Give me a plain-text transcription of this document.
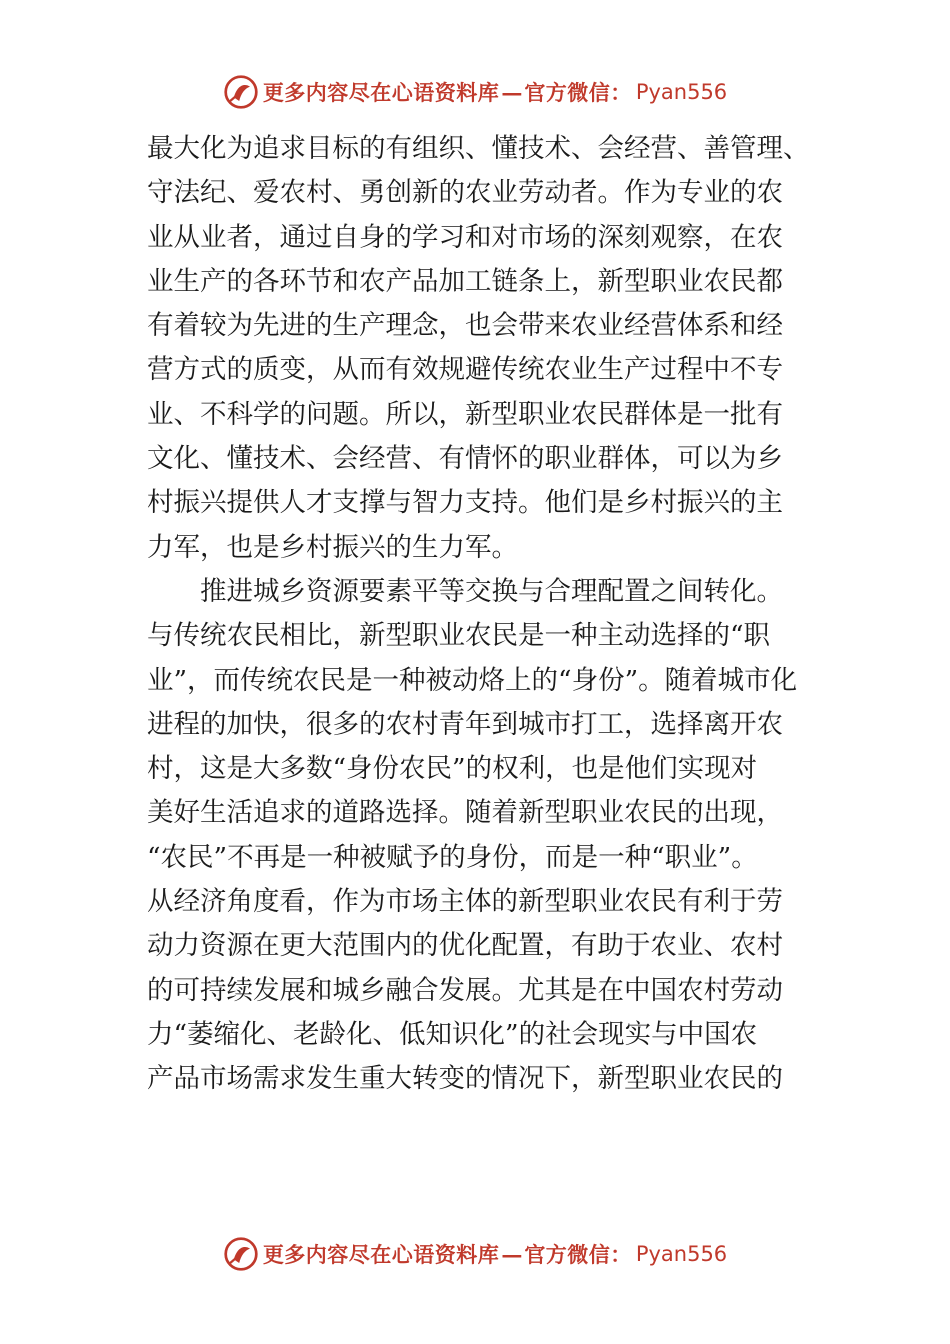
更多内容尽在心语资料库 — 官方微信： Pyan556
最大化为追求目标的有组织、懂技术、会经营、善管理、
守法纪、爱农村、勇创新的农业劳动者。作为专业的农
业从业者，通过自身的学习和对市场的深刻观察，在农
业生产的各环节和农产品加工链条上，新型职业农民都
有着较为先进的生产理念，也会带来农业经营体系和经
营方式的质变，从而有效规避传统农业生产过程中不专
业、不科学的问题。所以，新型职业农民群体是一批有
文化、懂技术、会经营、有情怀的职业群体，可以为乡
村振兴提供人才支撑与智力支持。他们是乡村振兴的主
力军，也是乡村振兴的生力军。
推进城乡资源要素平等交换与合理配置之间转化。
与传统农民相比，新型职业农民是一种主动选择的“职
业”，而传统农民是一种被动烙上的“身份”。随着城市化
进程的加快，很多的农村青年到城市打工，选择离开农
村，这是大多数“身份农民”的权利，也是他们实现对
美好生活追求的道路选择。随着新型职业农民的出现，
“农民”不再是一种被赋予的身份，而是一种“职业”。
从经济角度看，作为市场主体的新型职业农民有利于劳
动力资源在更大范围内的优化配置，有助于农业、农村
的可持续发展和城乡融合发展。尤其是在中国农村劳动
力“萎缩化、老龄化、低知识化”的社会现实与中国农
产品市场需求发生重大转变的情况下，新型职业农民的
更多内容尽在心语资料库 — 官方微信： Pyan556
